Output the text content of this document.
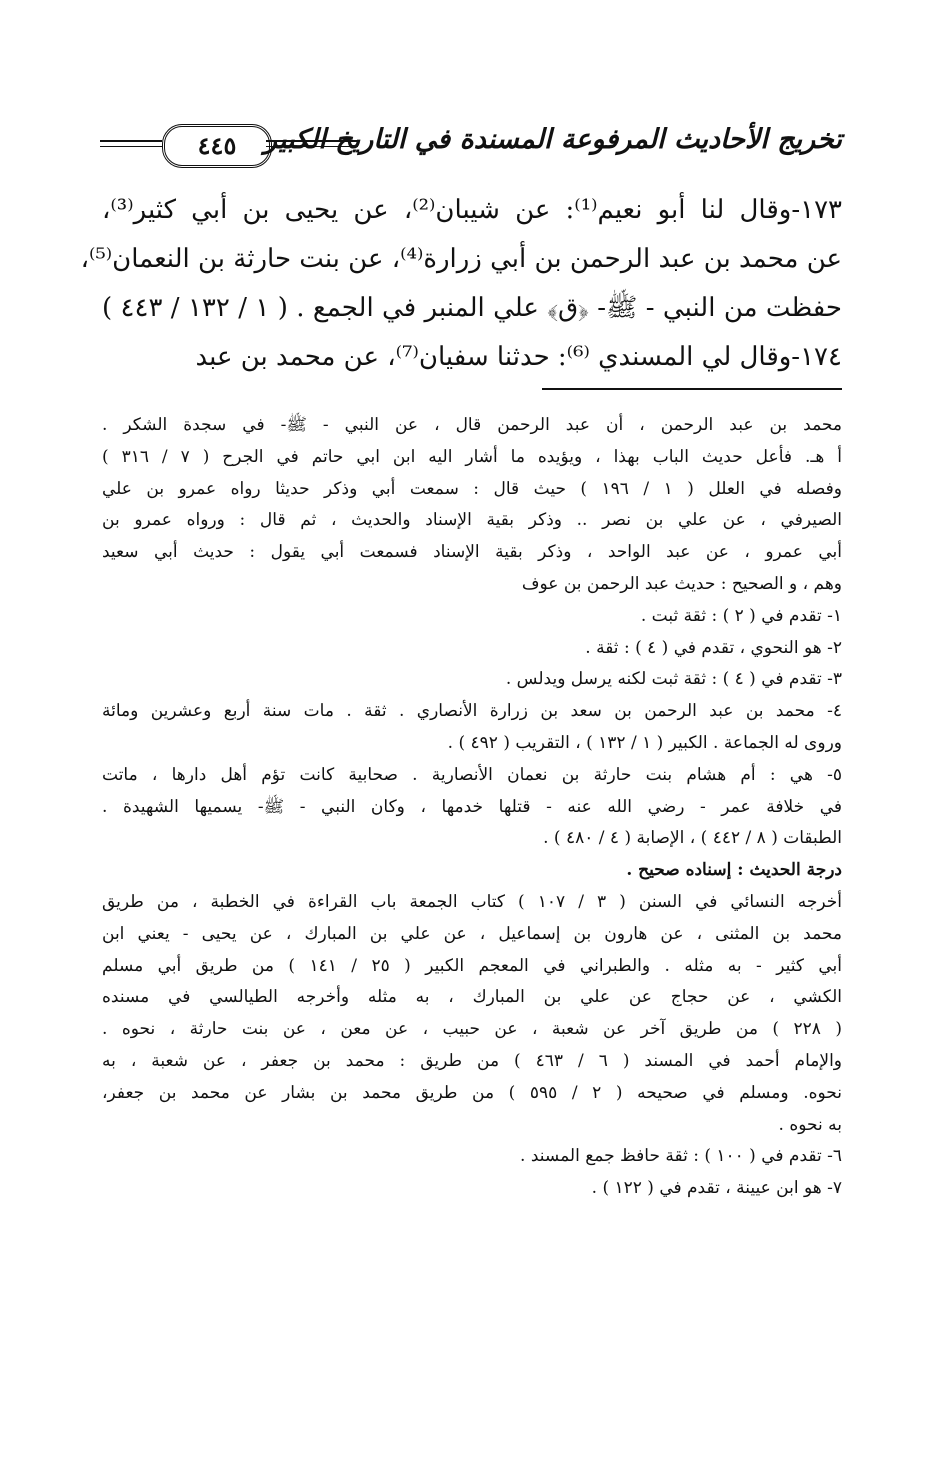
تخريج الأحاديث المرفوعة المسندة في التاريخ الكبير
٤٤٥
١٧٣-وقال لنا أبو نعيم⁽¹⁾: عن شيبان⁽²⁾، عن يحيى بن أبي كثير⁽³⁾،
عن محمد بن عبد الرحمن بن أبي زرارة⁽⁴⁾، عن بنت حارثة بن النعمان⁽⁵⁾،
حفظت من النبي - ﷺ- ﴿ق﴾ علي المنبر في الجمع . ( ١ / ١٣٢ / ٤٤٣ )
١٧٤-وقال لي المسندي ⁽⁶⁾: حدثنا سفيان⁽⁷⁾، عن محمد بن عبد
محمد بن عبد الرحمن ، أن عبد الرحمن قال ، عن النبي - ﷺ- في سجدة الشكر .
أ هـ. فأعل حديث الباب بهذا ، ويؤيده ما أشار اليه ابن ابي حاتم في الجرح ( ٧ / ٣١٦ )
وفصله في العلل ( ١ / ١٩٦ ) حيث قال : سمعت أبي وذكر حديثا رواه عمرو بن علي
الصيرفي ، عن علي بن نصر .. وذكر بقية الإسناد والحديث ، ثم قال : ورواه عمرو بن
أبي عمرو ، عن عبد الواحد ، وذكر بقية الإسناد فسمعت أبي يقول : حديث أبي سعيد
وهم ، و الصحيح : حديث عبد الرحمن بن عوف
١- تقدم في ( ٢ ) : ثقة ثبت .
٢- هو النحوي ، تقدم في ( ٤ ) : ثقة .
٣- تقدم في ( ٤ ) : ثقة ثبت لكنه يرسل ويدلس .
٤- محمد بن عبد الرحمن بن سعد بن زرارة الأنصاري . ثقة . مات سنة أربع وعشرين ومائة
وروى له الجماعة . الكبير ( ١ / ١٣٢ ) ، التقريب ( ٤٩٢ ) .
٥- هي : أم هشام بنت حارثة بن نعمان الأنصارية . صحابية كانت تؤم أهل دارها ، ماتت
في خلافة عمر - رضي الله عنه - قتلها خدمها ، وكان النبي - ﷺ- يسميها الشهيدة .
الطبقات ( ٨ / ٤٤٢ ) ، الإصابة ( ٤ / ٤٨٠ ) .
درجة الحديث : إسناده صحيح .
أخرجه النسائي في السنن ( ٣ / ١٠٧ ) كتاب الجمعة باب القراءة في الخطبة ، من طريق
محمد بن المثنى ، عن هارون بن إسماعيل ، عن علي بن المبارك ، عن يحيى - يعني ابن
أبي كثير - به مثله . والطبراني في المعجم الكبير ( ٢٥ / ١٤١ ) من طريق أبي مسلم
الكشي ، عن حجاج عن علي بن المبارك ، به مثله وأخرجه الطيالسي في مسنده
( ٢٢٨ ) من طريق آخر عن شعبة ، عن حبيب ، عن معن ، عن بنت حارثة ، نحوه .
والإمام أحمد في المسند ( ٦ / ٤٦٣ ) من طريق : محمد بن جعفر ، عن شعبة ، به
نحوه. ومسلم في صحيحه ( ٢ / ٥٩٥ ) من طريق محمد بن بشار عن محمد بن جعفر،
به نحوه .
٦- تقدم في ( ١٠٠ ) : ثقة حافظ جمع المسند .
٧- هو ابن عيينة ، تقدم في ( ١٢٢ ) .
